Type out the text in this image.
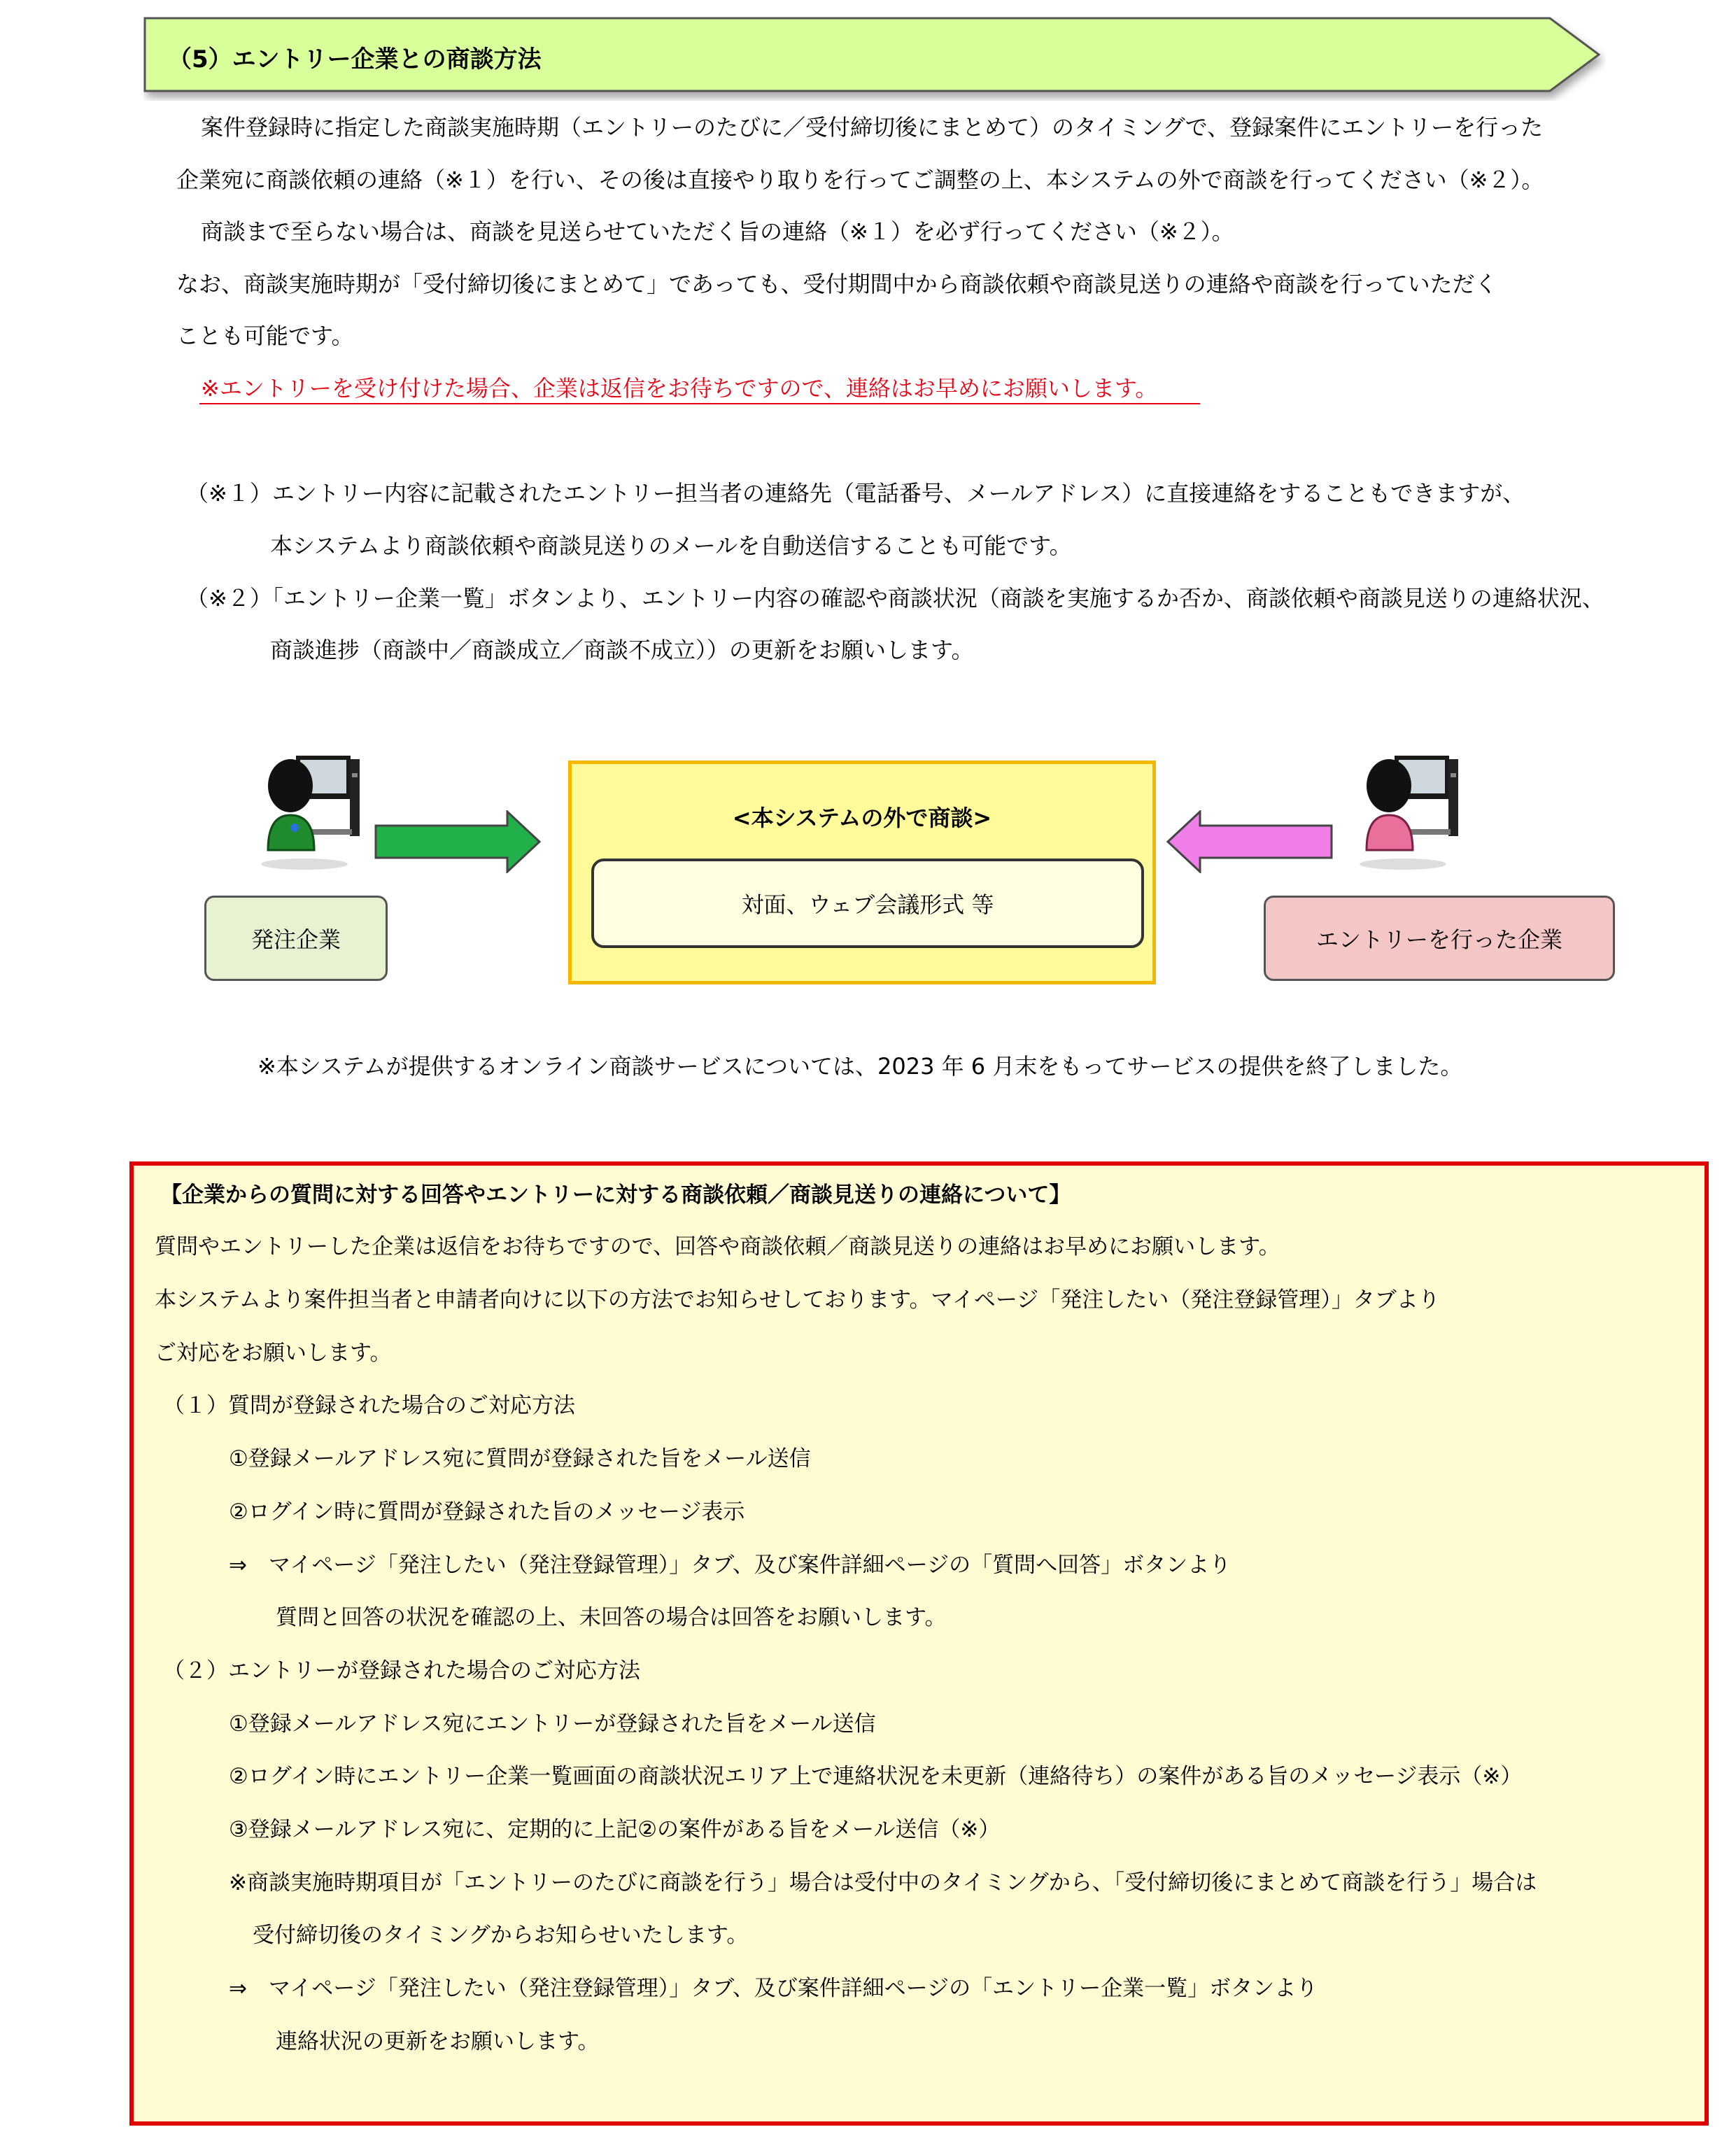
（5）エントリー企業との商談方法
案件登録時に指定した商談実施時期（エントリーのたびに／受付締切後にまとめて）のタイミングで、登録案件にエントリーを行った
企業宛に商談依頼の連絡（※１）を行い、その後は直接やり取りを行ってご調整の上、本システムの外で商談を行ってください（※２）。
商談まで至らない場合は、商談を見送らせていただく旨の連絡（※１）を必ず行ってください（※２）。
なお、商談実施時期が「受付締切後にまとめて」であっても、受付期間中から商談依頼や商談見送りの連絡や商談を行っていただく
ことも可能です。
※エントリーを受け付けた場合、企業は返信をお待ちですので、連絡はお早めにお願いします。
（※１）エントリー内容に記載されたエントリー担当者の連絡先（電話番号、メールアドレス）に直接連絡をすることもできますが、
本システムより商談依頼や商談見送りのメールを自動送信することも可能です。
（※２）「エントリー企業一覧」ボタンより、エントリー内容の確認や商談状況（商談を実施するか否か、商談依頼や商談見送りの連絡状況、
商談進捗（商談中／商談成立／商談不成立））の更新をお願いします。
発注企業
<本システムの外で商談>
対面、ウェブ会議形式 等
エントリーを行った企業
※本システムが提供するオンライン商談サービスについては、2023 年 6 月末をもってサービスの提供を終了しました。
【企業からの質問に対する回答やエントリーに対する商談依頼／商談見送りの連絡について】
質問やエントリーした企業は返信をお待ちですので、回答や商談依頼／商談見送りの連絡はお早めにお願いします。
本システムより案件担当者と申請者向けに以下の方法でお知らせしております。マイページ「発注したい（発注登録管理）」タブより
ご対応をお願いします。
（１）質問が登録された場合のご対応方法
①登録メールアドレス宛に質問が登録された旨をメール送信
②ログイン時に質問が登録された旨のメッセージ表示
⇒　マイページ「発注したい（発注登録管理）」タブ、及び案件詳細ページの「質問へ回答」ボタンより
質問と回答の状況を確認の上、未回答の場合は回答をお願いします。
（２）エントリーが登録された場合のご対応方法
①登録メールアドレス宛にエントリーが登録された旨をメール送信
②ログイン時にエントリー企業一覧画面の商談状況エリア上で連絡状況を未更新（連絡待ち）の案件がある旨のメッセージ表示（※）
③登録メールアドレス宛に、定期的に上記②の案件がある旨をメール送信（※）
※商談実施時期項目が「エントリーのたびに商談を行う」場合は受付中のタイミングから、「受付締切後にまとめて商談を行う」場合は
受付締切後のタイミングからお知らせいたします。
⇒　マイページ「発注したい（発注登録管理）」タブ、及び案件詳細ページの「エントリー企業一覧」ボタンより
連絡状況の更新をお願いします。
